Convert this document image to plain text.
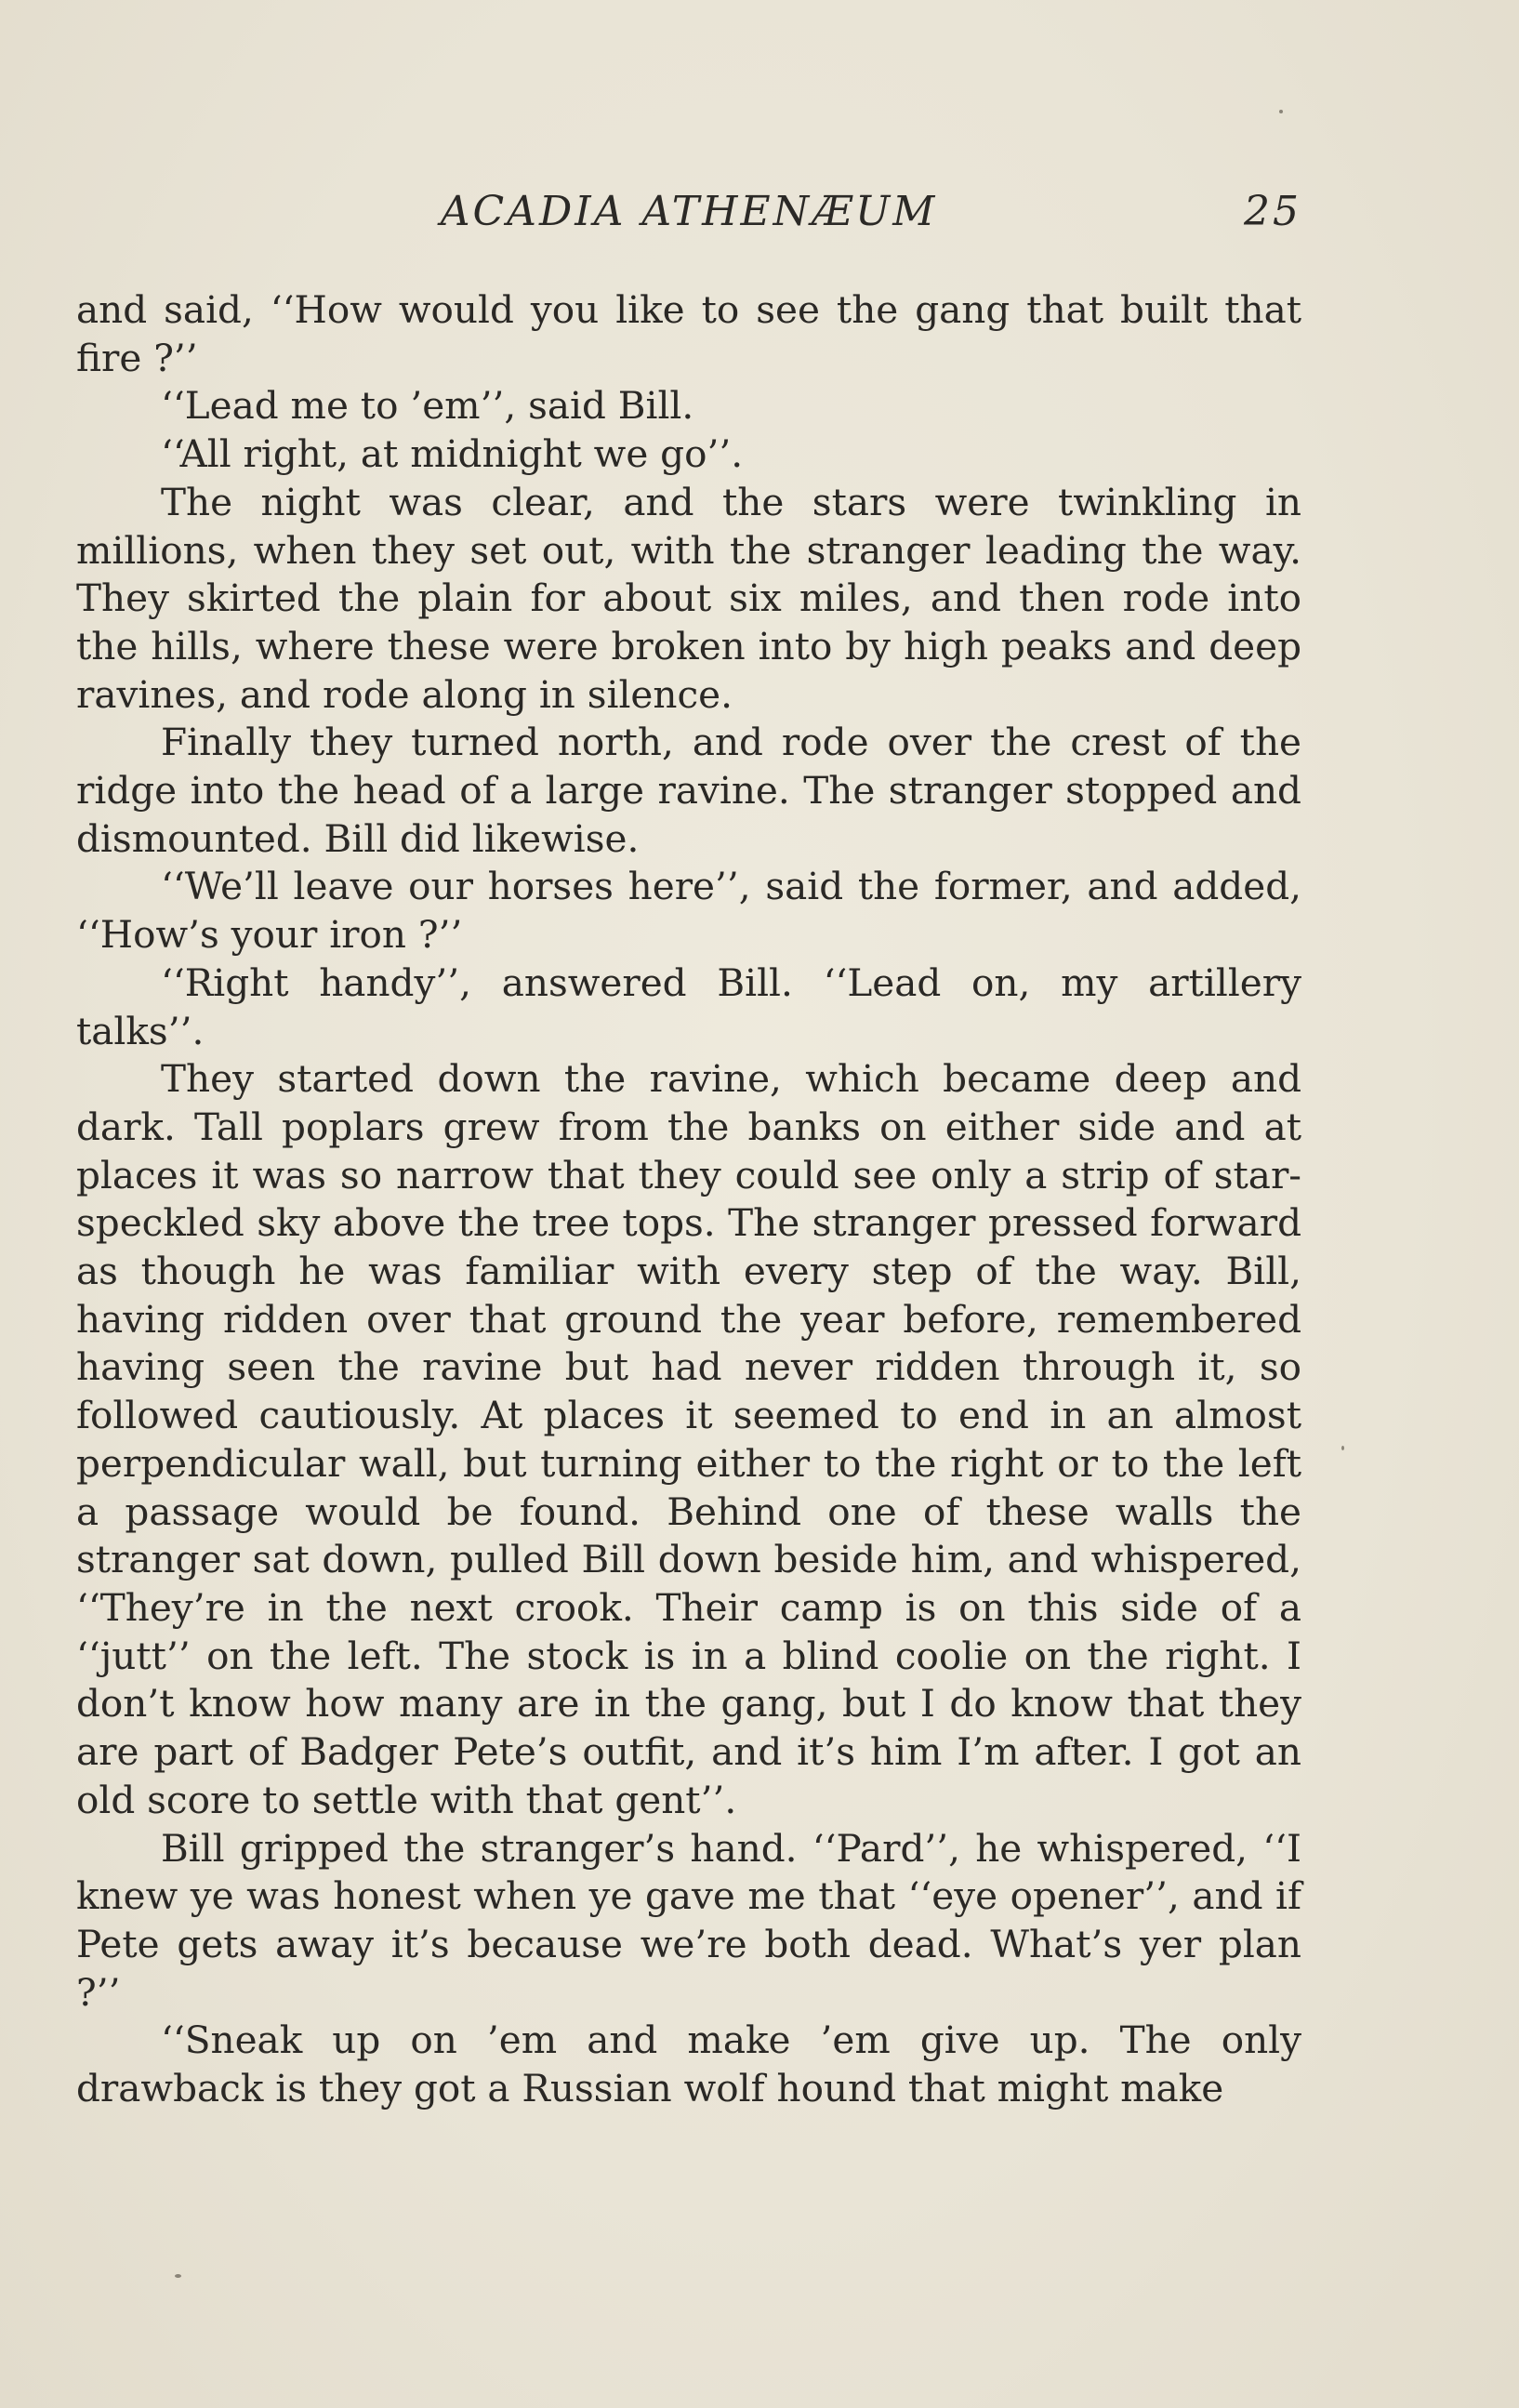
ACADIA ATHENÆUM	25

and said, ‘‘How would you like to see the gang that built that fire ?’’

‘‘Lead me to ’em’’, said Bill.

‘‘All right, at midnight we go’’.

The night was clear, and the stars were twinkling in millions, when they set out, with the stranger leading the way. They skirted the plain for about six miles, and then rode into the hills, where these were broken into by high peaks and deep ravines, and rode along in silence.

Finally they turned north, and rode over the crest of the ridge into the head of a large ravine. The stranger stopped and dismounted. Bill did likewise.

‘‘We’ll leave our horses here’’, said the former, and added, ‘‘How’s your iron ?’’

‘‘Right handy’’, answered Bill. ‘‘Lead on, my artillery talks’’.

They started down the ravine, which became deep and dark. Tall poplars grew from the banks on either side and at places it was so narrow that they could see only a strip of star-speckled sky above the tree tops. The stranger pressed forward as though he was familiar with every step of the way. Bill, having ridden over that ground the year before, remembered having seen the ravine but had never ridden through it, so followed cautiously. At places it seemed to end in an almost perpendicular wall, but turning either to the right or to the left a passage would be found. Behind one of these walls the stranger sat down, pulled Bill down beside him, and whispered, ‘‘They’re in the next crook. Their camp is on this side of a ‘‘jutt’’ on the left. The stock is in a blind coolie on the right. I don’t know how many are in the gang, but I do know that they are part of Badger Pete’s outfit, and it’s him I’m after. I got an old score to settle with that gent’’.

Bill gripped the stranger’s hand. ‘‘Pard’’, he whispered, ‘‘I knew ye was honest when ye gave me that ‘‘eye opener’’, and if Pete gets away it’s because we’re both dead. What’s yer plan ?’’

‘‘Sneak up on ’em and make ’em give up. The only drawback is they got a Russian wolf hound that might make
